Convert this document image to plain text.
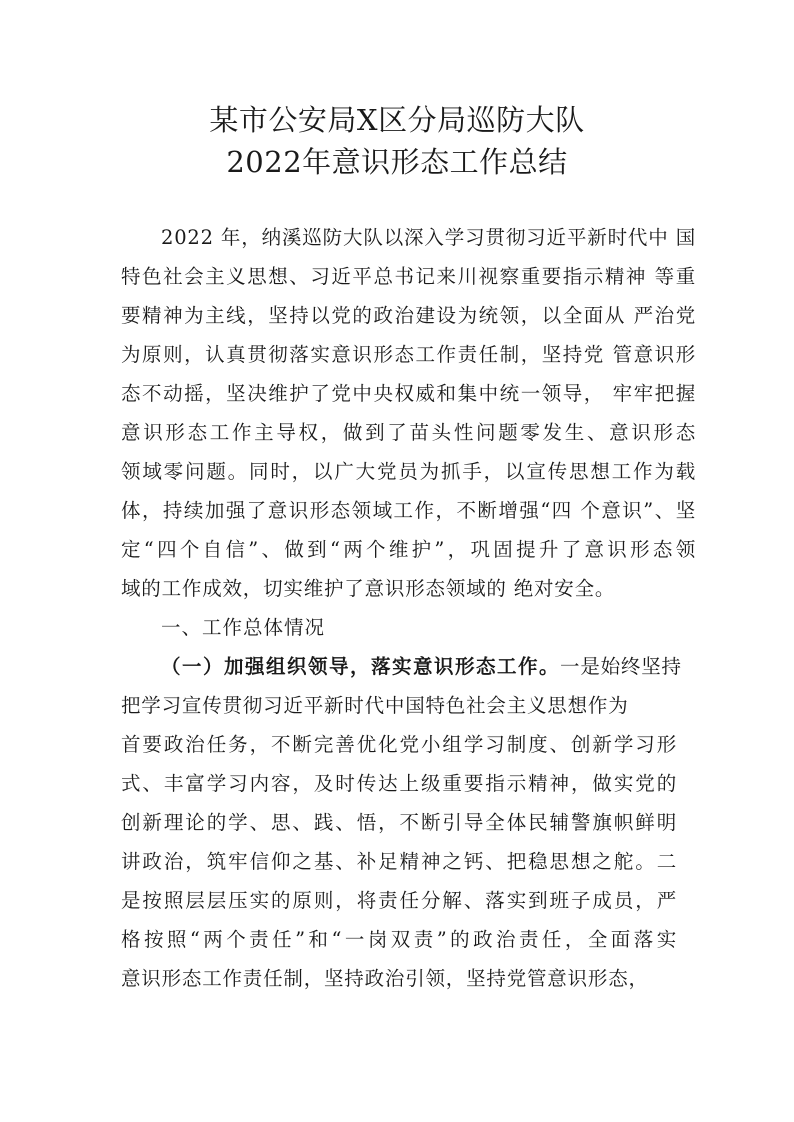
某市公安局X区分局巡防大队
2022年意识形态工作总结
2022 年，纳溪巡防大队以深入学习贯彻习近平新时代中 国
特色社会主义思想、习近平总书记来川视察重要指示精神 等重
要精神为主线，坚持以党的政治建设为统领，以全面从 严治党
为原则，认真贯彻落实意识形态工作责任制，坚持党 管意识形
态不动摇，坚决维护了党中央权威和集中统一领导， 牢牢把握
意识形态工作主导权，做到了苗头性问题零发生、意识形态
领域零问题。同时，以广大党员为抓手，以宣传思想工作为载
体，持续加强了意识形态领域工作，不断增强“四 个意识”、坚
定“四个自信”、做到“两个维护”，巩固提升了意识形态领
域的工作成效，切实维护了意识形态领域的 绝对安全。
一、工作总体情况
（一）加强组织领导，落实意识形态工作。一是始终坚持
把学习宣传贯彻习近平新时代中国特色社会主义思想作为
首要政治任务，不断完善优化党小组学习制度、创新学习形
式、丰富学习内容，及时传达上级重要指示精神，做实党的
创新理论的学、思、践、悟，不断引导全体民辅警旗帜鲜明
讲政治，筑牢信仰之基、补足精神之钙、把稳思想之舵。二
是按照层层压实的原则，将责任分解、落实到班子成员，严
格按照“两个责任”和“一岗双责”的政治责任，全面落实
意识形态工作责任制，坚持政治引领，坚持党管意识形态，
